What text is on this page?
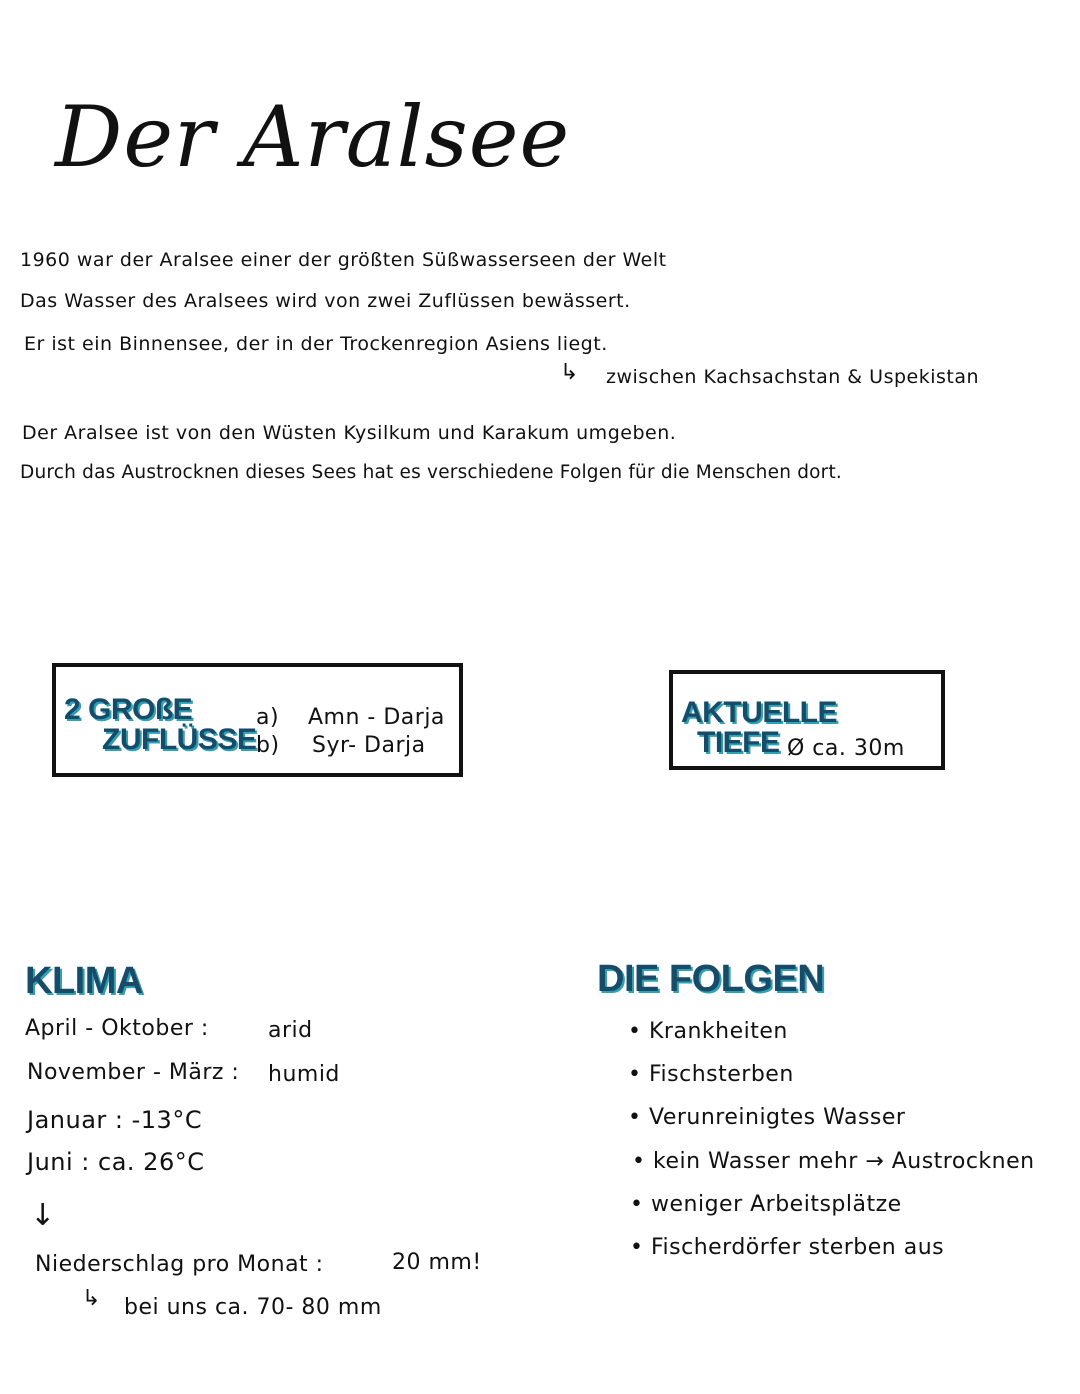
Der Aralsee
1960 war der Aralsee einer der größten Süßwasserseen der Welt
Das Wasser des Aralsees wird von zwei Zuflüssen bewässert.
Er ist ein Binnensee, der in der Trockenregion Asiens liegt.
↳ zwischen Kachsachstan & Uspekistan
Der Aralsee ist von den Wüsten Kysilkum und Karakum umgeben.
Durch das Austrocknen dieses Sees hat es verschiedene Folgen für die Menschen dort.
2 GROßE
ZUFLÜSSE
a) Amn - Darja
b) Syr- Darja
AKTUELLE
TIEFE Ø ca. 30m
KLIMA
April - Oktober :	arid
November - März : humid
Januar : -13°C
Juni : ca. 26°C
↓
Niederschlag pro Monat :	20 mm!
↳ bei uns ca. 70- 80 mm
DIE FOLGEN
• Krankheiten
• Fischsterben
• Verunreinigtes Wasser
• kein Wasser mehr → Austrocknen
• weniger Arbeitsplätze
• Fischerdörfer sterben aus
